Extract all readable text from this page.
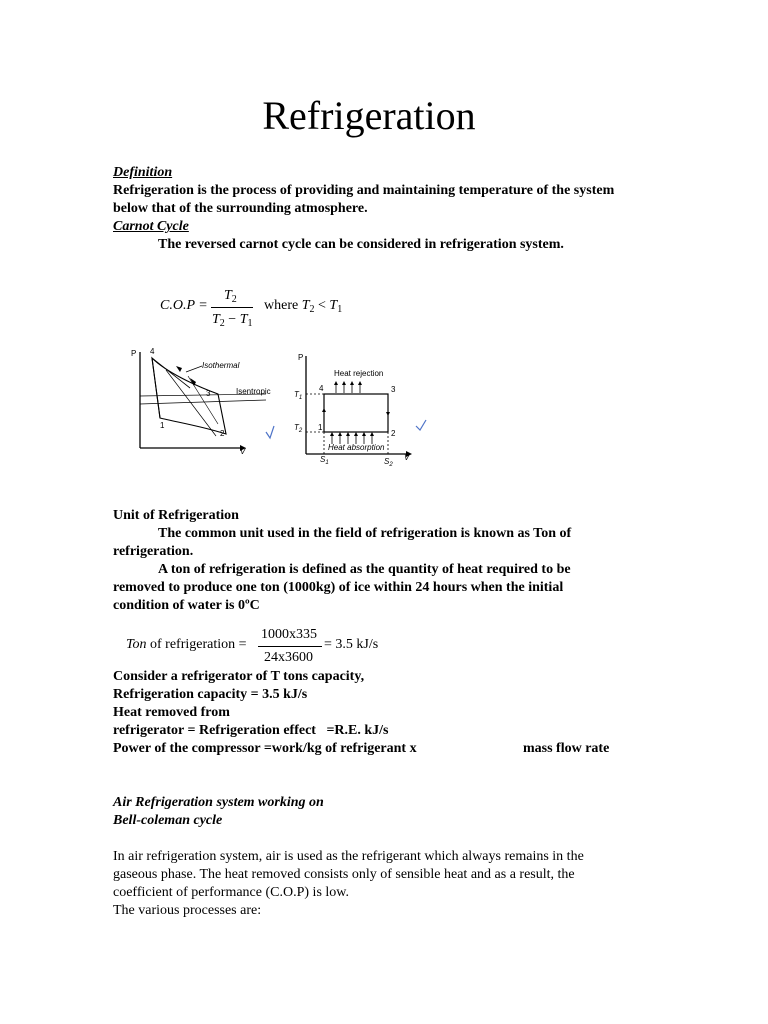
Refrigeration
Definition
Refrigeration is the process of providing and maintaining temperature of the system
below that of the surrounding atmosphere.
Carnot Cycle
The reversed carnot cycle can be considered in refrigeration system.
C.O.P =
$T_2$
$T_2 - T_1$
where $T_2 < T_1$
P 4
Isothermal
Isentropic
3
1
2
V
P
Heat rejection
$T_1$
$T_2$
4	3
1
2
Heat absorption
$S_1$	$S_2$
V
Unit of Refrigeration
The common unit used in the field of refrigeration is known as Ton of
refrigeration.
A ton of refrigeration is defined as the quantity of heat required to be
removed to produce one ton (1000kg) of ice within 24 hours when the initial
condition of water is 0ºC
Ton of refrigeration =
1000x335
24x3600
= 3.5 kJ/s
Consider a refrigerator of T tons capacity,
Refrigeration capacity = 3.5 kJ/s
Heat removed from
refrigerator = Refrigeration effect   =R.E. kJ/s
Power of the compressor =work/kg of refrigerant x	mass flow rate
Air Refrigeration system working on
Bell-coleman cycle
In air refrigeration system, air is used as the refrigerant which always remains in the
gaseous phase. The heat removed consists only of sensible heat and as a result, the
coefficient of performance (C.O.P) is low.
The various processes are:
